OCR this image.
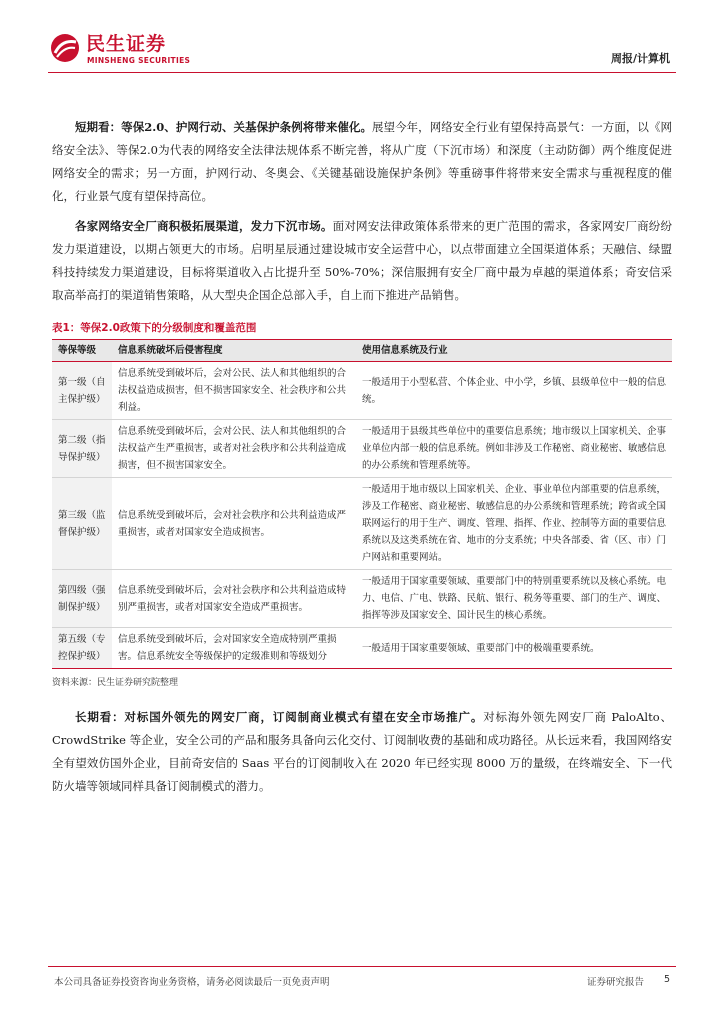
民生证券
MINSHENG SECURITIES	周报/计算机

短期看：等保2.0、护网行动、关基保护条例将带来催化。展望今年，网络安全行业有望保持高景气：一方面，以《网络安全法》、等保2.0为代表的网络安全法律法规体系不断完善，将从广度（下沉市场）和深度（主动防御）两个维度促进网络安全的需求；另一方面，护网行动、冬奥会、《关键基础设施保护条例》等重磅事件将带来安全需求与重视程度的催化，行业景气度有望保持高位。

各家网络安全厂商积极拓展渠道，发力下沉市场。面对网安法律政策体系带来的更广范围的需求，各家网安厂商纷纷发力渠道建设，以期占领更大的市场。启明星辰通过建设城市安全运营中心，以点带面建立全国渠道体系；天融信、绿盟科技持续发力渠道建设，目标将渠道收入占比提升至 50%-70%；深信服拥有安全厂商中最为卓越的渠道体系；奇安信采取高举高打的渠道销售策略，从大型央企国企总部入手，自上而下推进产品销售。

表1：等保2.0政策下的分级制度和覆盖范围
等保等级	信息系统破坏后侵害程度	使用信息系统及行业
第一级（自主保护级）	信息系统受到破坏后，会对公民、法人和其他组织的合法权益造成损害，但不损害国家安全、社会秩序和公共利益。	一般适用于小型私营、个体企业、中小学，乡镇、县级单位中一般的信息统。
第二级（指导保护级）	信息系统受到破坏后，会对公民、法人和其他组织的合法权益产生严重损害，或者对社会秩序和公共利益造成损害，但不损害国家安全。	一般适用于县级其些单位中的重要信息系统；地市级以上国家机关、企事业单位内部一般的信息系统。例如非涉及工作秘密、商业秘密、敏感信息的办公系统和管理系统等。
第三级（监督保护级）	信息系统受到破坏后，会对社会秩序和公共利益造成严重损害，或者对国家安全造成损害。	一般适用于地市级以上国家机关、企业、事业单位内部重要的信息系统，涉及工作秘密、商业秘密、敏感信息的办公系统和管理系统；跨省或全国联网运行的用于生产、调度、管理、指挥、作业、控制等方面的重要信息系统以及这类系统在省、地市的分支系统；中央各部委、省（区、市）门户网站和重要网站。
第四级（强制保护级）	信息系统受到破坏后，会对社会秩序和公共利益造成特别严重损害，或者对国家安全造成严重损害。	一般适用于国家重要领域、重要部门中的特别重要系统以及核心系统。电力、电信、广电、铁路、民航、银行、税务等重要、部门的生产、调度、指挥等涉及国家安全、国计民生的核心系统。
第五级（专控保护级）	信息系统受到破坏后，会对国家安全造成特别严重损害。信息系统安全等级保护的定级准则和等级划分	一般适用于国家重要领域、重要部门中的极端重要系统。
资料来源：民生证券研究院整理

长期看：对标国外领先的网安厂商，订阅制商业模式有望在安全市场推广。对标海外领先网安厂商 PaloAlto、CrowdStrike 等企业，安全公司的产品和服务具备向云化交付、订阅制收费的基础和成功路径。从长远来看，我国网络安全有望效仿国外企业，目前奇安信的 Saas 平台的订阅制收入在 2020 年已经实现 8000 万的量级，在终端安全、下一代防火墙等领域同样具备订阅制模式的潜力。

本公司具备证券投资咨询业务资格，请务必阅读最后一页免责声明	证券研究报告 5
